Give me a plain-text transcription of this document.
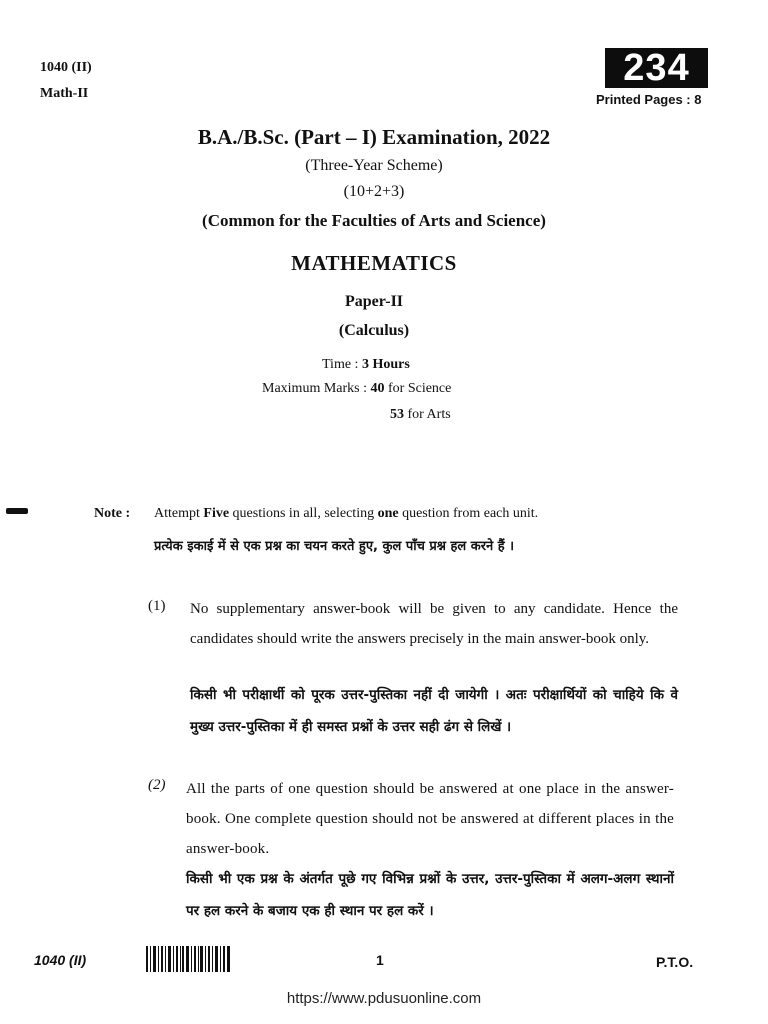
1040 (II)
Math-II
234
Printed Pages : 8
B.A./B.Sc. (Part – I) Examination, 2022
(Three-Year Scheme)
(10+2+3)
(Common for the Faculties of Arts and Science)
MATHEMATICS
Paper-II
(Calculus)
Time : 3 Hours
Maximum Marks : 40 for Science
53 for Arts
Note : Attempt Five questions in all, selecting one question from each unit.
प्रत्येक इकाई में से एक प्रश्न का चयन करते हुए, कुल पाँच प्रश्न हल करने हैं ।
(1) No supplementary answer-book will be given to any candidate. Hence the candidates should write the answers precisely in the main answer-book only.
किसी भी परीक्षार्थी को पूरक उत्तर-पुस्तिका नहीं दी जायेगी । अतः परीक्षार्थियों को चाहिये कि वे मुख्य उत्तर-पुस्तिका में ही समस्त प्रश्नों के उत्तर सही ढंग से लिखें ।
(2) All the parts of one question should be answered at one place in the answer-book. One complete question should not be answered at different places in the answer-book.
किसी भी एक प्रश्न के अंतर्गत पूछे गए विभिन्न प्रश्नों के उत्तर, उत्तर-पुस्तिका में अलग-अलग स्थानों पर हल करने के बजाय एक ही स्थान पर हल करें ।
1040 (II)	1	P.T.O.
https://www.pdusuonline.com
